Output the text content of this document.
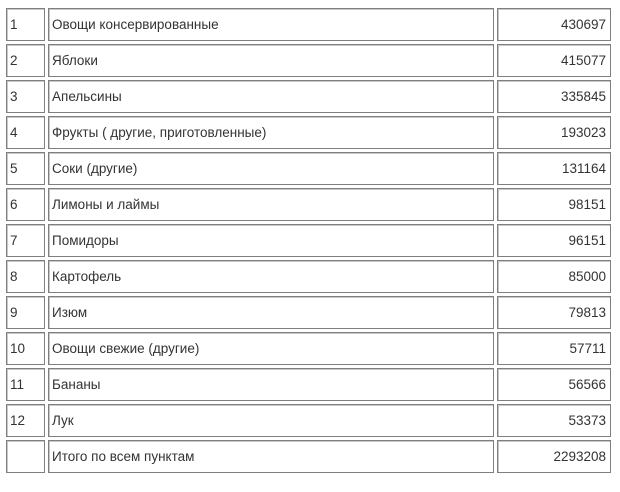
1	Овощи консервированные	430697
2	Яблоки	415077
3	Апельсины	335845
4	Фрукты ( другие, приготовленные)	193023
5	Соки (другие)	131164
6	Лимоны и лаймы	98151
7	Помидоры	96151
8	Картофель	85000
9	Изюм	79813
10	Овощи свежие (другие)	57711
11	Бананы	56566
12	Лук	53373
	Итого по всем пунктам	2293208
